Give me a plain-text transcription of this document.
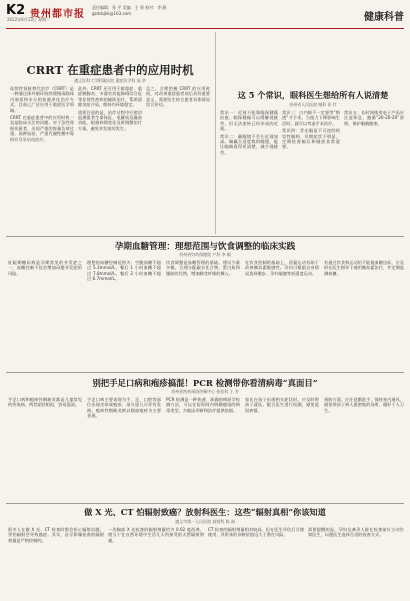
K2
2022年6月13日 星期一
贵州都市报
责任编辑：张 平 美编：王 勇 校对：李 静
gzdsbjkk@163.com	健康科普
CRRT 在重症患者中的应用时机
遵义医科大学附属医院 重症医学科 高 华

连续性肾脏替代治疗（CRRT）是一种通过体外循环持续缓慢清除体内溶质和水分的血液净化治疗方式，目前已广泛应用于重症医学领域。

CRRT 在重症患者中的应用时机一直是临床关注的问题。对于急性肾损伤患者，出现严重的容量负荷过重、高钾血症、严重代谢性酸中毒时应尽早启动治疗。

此外，CRRT 还可用于脓毒症、重症胰腺炎、多器官功能障碍综合征等非肾性疾病的辅助治疗，帮助清除炎症介质，维持内环境稳定。

需要注意的是，治疗过程中应密切监测患者生命体征、电解质及凝血功能，根据病情变化及时调整治疗方案，避免并发症的发生。

总之，合理把握 CRRT 的应用时机，对改善重症患者预后具有重要意义，需要医生结合患者具体情况综合评估。

这 5 个常识，眼科医生想给所有人说清楚
贵州省人民医院 眼科 张 红

常识一：近视不能靠眼保健操治愈。眼保健操可以缓解视疲劳，但无法逆转已经形成的近视。

常识二：戴眼镜不会让近视加深。佩戴合适度数的眼镜，能让眼睛看得更清楚，减少视疲劳。

常识三：白内障不一定要等“熟透”才手术。当视力下降影响生活时，就可以考虑手术治疗。

常识四：青光眼是不可逆的致盲性眼病，早期症状不明显，定期检查眼压和眼底非常重要。

常识五：长时间使用电子产品应注意休息，遵循“20-20-20”原则，保护眼睛健康。

孕期血糖管理：理想范围与饮食调整的临床实践
贵州省妇幼保健院 产科 李 敏

妊娠期糖尿病是孕期常见的并发症之一，血糖控制不佳会增加母婴并发症的风险。

理想的血糖控制范围为：空腹血糖不超过 5.3mmol/L，餐后 1 小时血糖不超过 7.8mmol/L，餐后 2 小时血糖不超过 6.7mmol/L。

饮食调整是血糖管理的基础。建议少量多餐，合理分配碳水化合物、蛋白质和脂肪的比例，增加膳食纤维的摄入。

在饮食控制的基础上，适量运动有助于改善胰岛素敏感性。孕妇可根据自身情况选择散步、孕妇瑜伽等低强度运动。

若通过饮食和运动仍不能使血糖达标，应及时在医生指导下使用胰岛素治疗，并定期监测血糖。

别把手足口病和疱疹搞混！PCR 检测带你看清病毒“真面目”
贵州省疾病预防控制中心 检验科 王 芳

手足口病和疱疹性咽峡炎都是儿童常见的传染病，两者症状相似，容易混淆。

手足口病主要表现为手、足、口腔等部位出现皮疹或疱疹，部分患儿可伴有发热。疱疹性咽峡炎则以咽部疱疹为主要表现。

PCR 检测是一种快速、准确的病原学检测方法，可以在短时间内明确感染的病毒类型，为临床诊断和治疗提供依据。

家长在孩子出现相关症状时，应及时带孩子就医，配合医生进行检测，避免延误病情。

预防方面，应注意勤洗手、保持室内通风，避免带孩子到人群密集的场所，做好个人卫生。

做 X 光、CT 怕辐射致癌？放射科医生：这些“辐射真相”你该知道
遵义市第一人民医院 放射科 陈 刚

很多人在做 X 光、CT 检查时都会担心辐射问题，害怕辐射会导致癌症。其实，医学影像检查的辐射剂量是严格控制的。

一次胸部 X 光检查的辐射剂量约为 0.02 毫西弗，相当于在自然环境中生活几天所接受的天然辐射剂量。

CT 检查的辐射剂量相对较高，但在医生评估后合理使用，其带来的诊断价值远大于潜在风险。

需要提醒的是，孕妇及备孕人群在检查前应主动告知医生，以便医生选择合适的检查方式。
